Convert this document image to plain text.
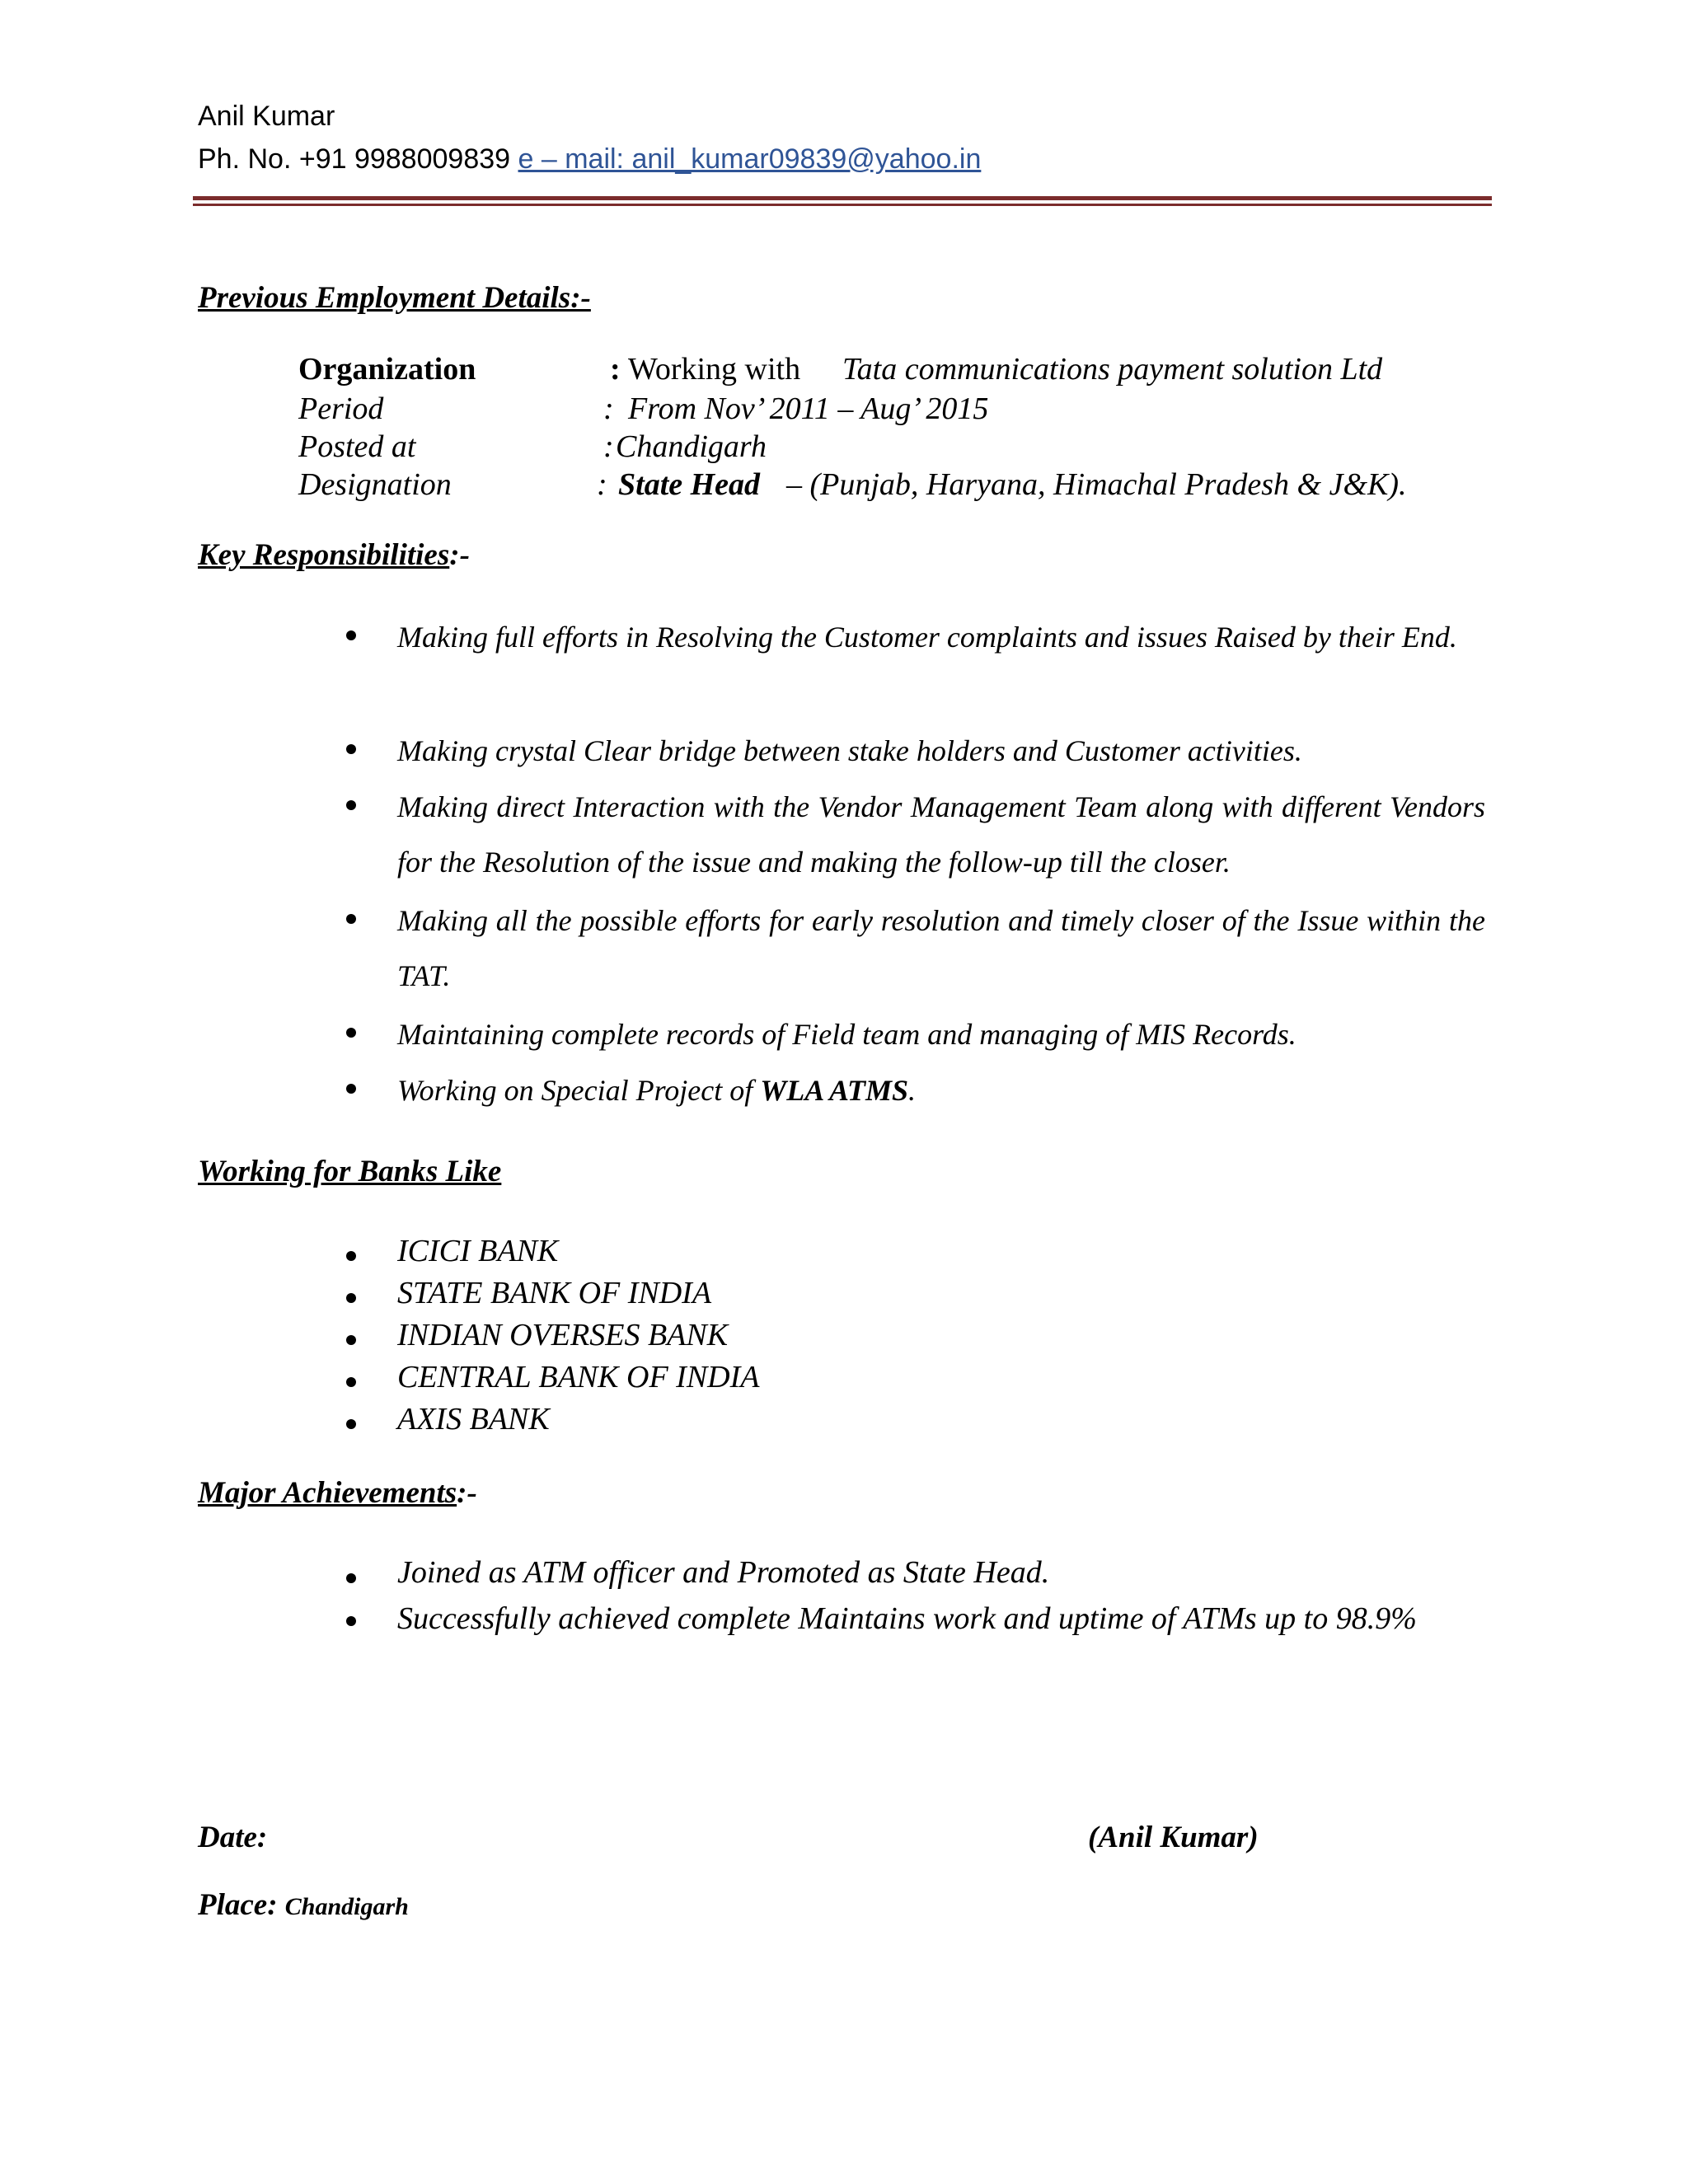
Anil Kumar
Ph. No. +91 9988009839 e – mail: anil_kumar09839@yahoo.in
Previous Employment Details:-
Organization	: Working with Tata communications payment solution Ltd
Period	: From Nov’ 2011 – Aug’ 2015
Posted at	: Chandigarh
Designation	: State Head – (Punjab, Haryana, Himachal Pradesh & J&K).
Key Responsibilities:-
Making full efforts in Resolving the Customer complaints and issues Raised by their End.
Making crystal Clear bridge between stake holders and Customer activities.
Making direct Interaction with the Vendor Management Team along with different Vendors for the Resolution of the issue and making the follow-up till the closer.
Making all the possible efforts for early resolution and timely closer of the Issue within the TAT.
Maintaining complete records of Field team and managing of MIS Records.
Working on Special Project of WLA ATMS.
Working for Banks Like
ICICI BANK
STATE BANK OF INDIA
INDIAN OVERSES BANK
CENTRAL BANK OF INDIA
AXIS BANK
Major Achievements:-
Joined as ATM officer and Promoted as State Head.
Successfully achieved complete Maintains work and uptime of ATMs up to 98.9%
Date:	(Anil Kumar)
Place: Chandigarh
